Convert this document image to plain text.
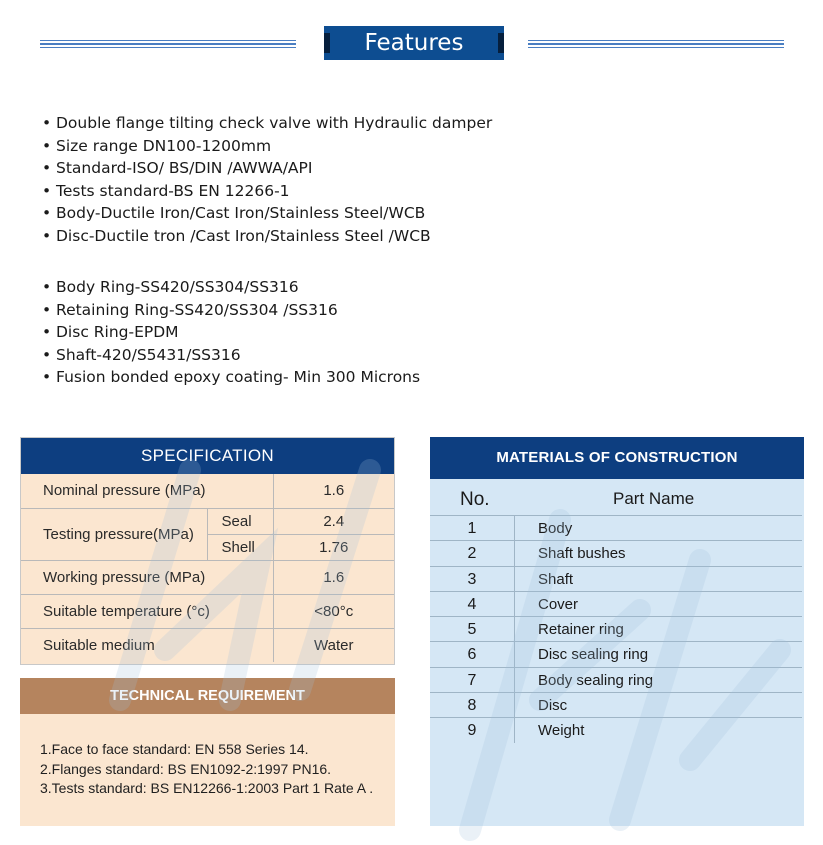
Features
• Double flange tilting check valve with Hydraulic damper
• Size range DN100-1200mm
• Standard-ISO/ BS/DIN /AWWA/API
• Tests standard-BS EN 12266-1
• Body-Ductile Iron/Cast Iron/Stainless Steel/WCB
• Disc-Ductile tron /Cast Iron/Stainless Steel /WCB
• Body Ring-SS420/SS304/SS316
• Retaining Ring-SS420/SS304 /SS316
• Disc Ring-EPDM
• Shaft-420/S5431/SS316
• Fusion bonded epoxy coating- Min 300 Microns
SPECIFICATION
Nominal pressure (MPa)		1.6
Testing pressure(MPa)	Seal	2.4
	Shell	1.76
Working pressure (MPa)		1.6
Suitable temperature (°c)		<80°c
Suitable medium		Water
TECHNICAL REQUIREMENT
1.Face to face standard: EN 558 Series 14.
2.Flanges standard: BS EN1092-2:1997 PN16.
3.Tests standard: BS EN12266-1:2003 Part 1 Rate A .
MATERIALS OF CONSTRUCTION
No.	Part Name
1	Body
2	Shaft bushes
3	Shaft
4	Cover
5	Retainer ring
6	Disc sealing ring
7	Body sealing ring
8	Disc
9	Weight
